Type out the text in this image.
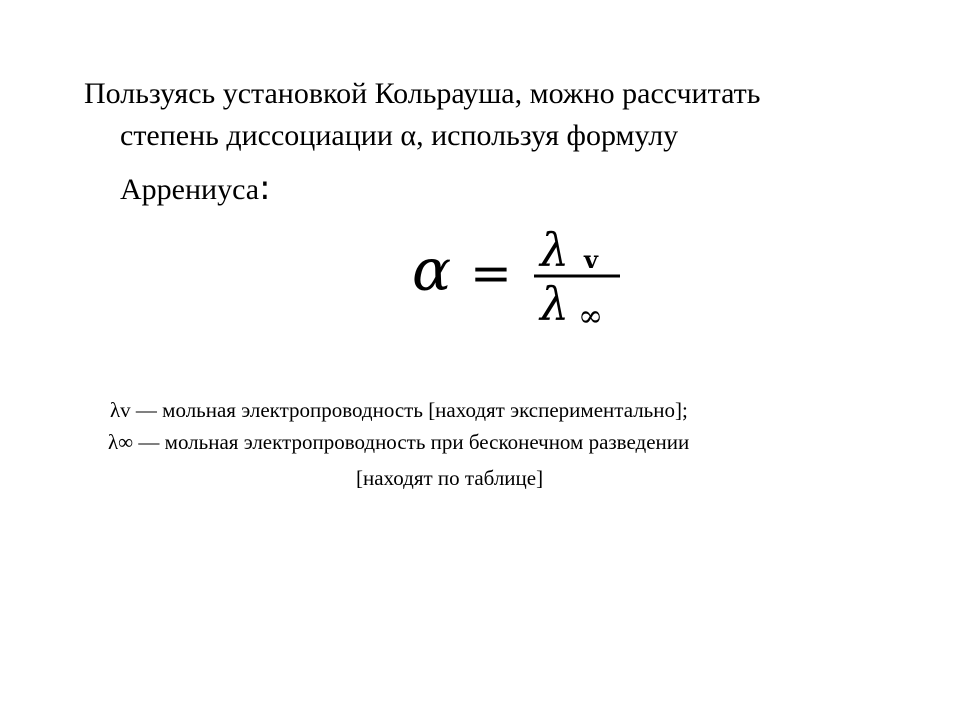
Пользуясь установкой Кольрауша, можно рассчитать
степень диссоциации α, используя формулу
Аррениуса:
α = λ v
λ ∞
λv — мольная электропроводность [находят экспериментально];
λ∞ — мольная электропроводность при бесконечном разведении
[находят по таблице]
